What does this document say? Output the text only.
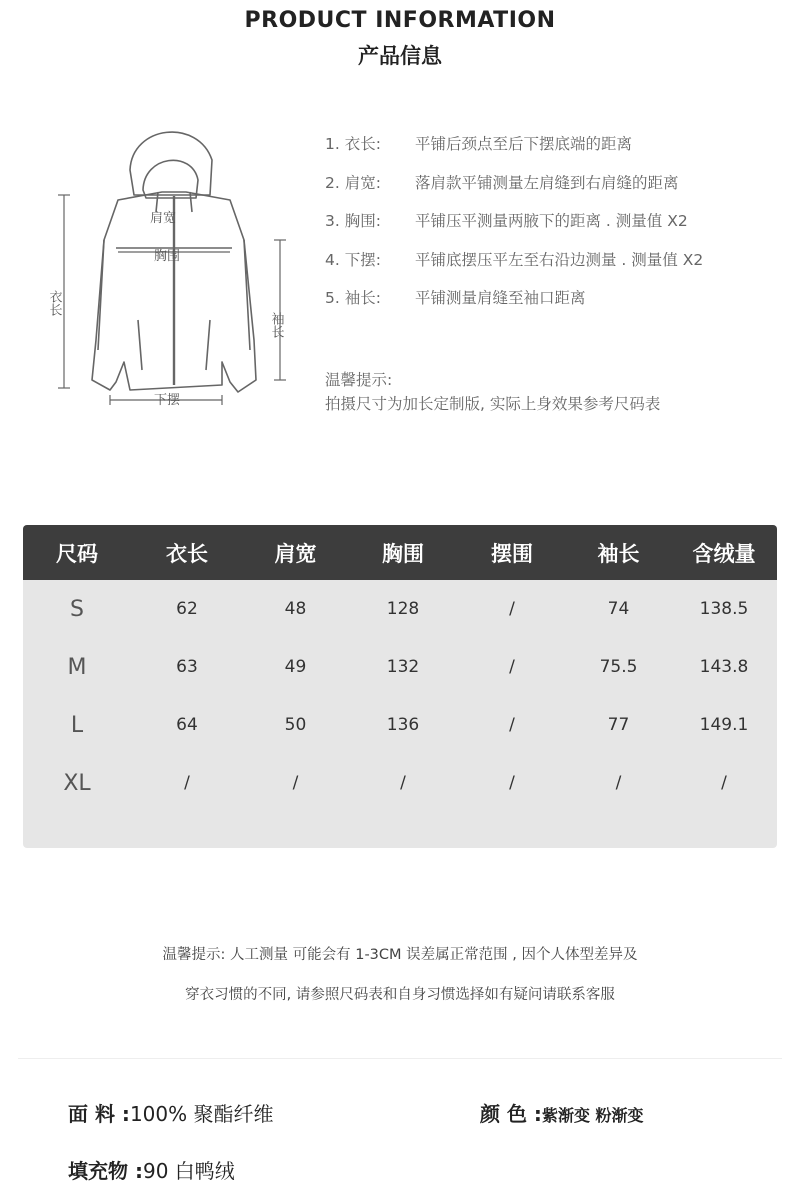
PRODUCT INFORMATION
产品信息
肩宽
胸围
衣长
袖长
下摆
1. 衣长:	平铺后颈点至后下摆底端的距离
2. 肩宽:	落肩款平铺测量左肩缝到右肩缝的距离
3. 胸围:	平铺压平测量两腋下的距离 . 测量值 X2
4. 下摆:	平铺底摆压平左至右沿边测量 . 测量值 X2
5. 袖长:	平铺测量肩缝至袖口距离
温馨提示:
拍摄尺寸为加长定制版, 实际上身效果参考尺码表
尺码	衣长	肩宽	胸围	摆围	袖长	含绒量
S	62	48	128	/	74	138.5
M	63	49	132	/	75.5	143.8
L	64	50	136	/	77	149.1
XL	/	/	/	/	/	/
温馨提示: 人工测量 可能会有 1-3CM 误差属正常范围 , 因个人体型差异及
穿衣习惯的不同, 请参照尺码表和自身习惯选择如有疑问请联系客服
面 料 :100% 聚酯纤维	颜 色 :紫渐变 粉渐变
填充物 :90 白鸭绒
